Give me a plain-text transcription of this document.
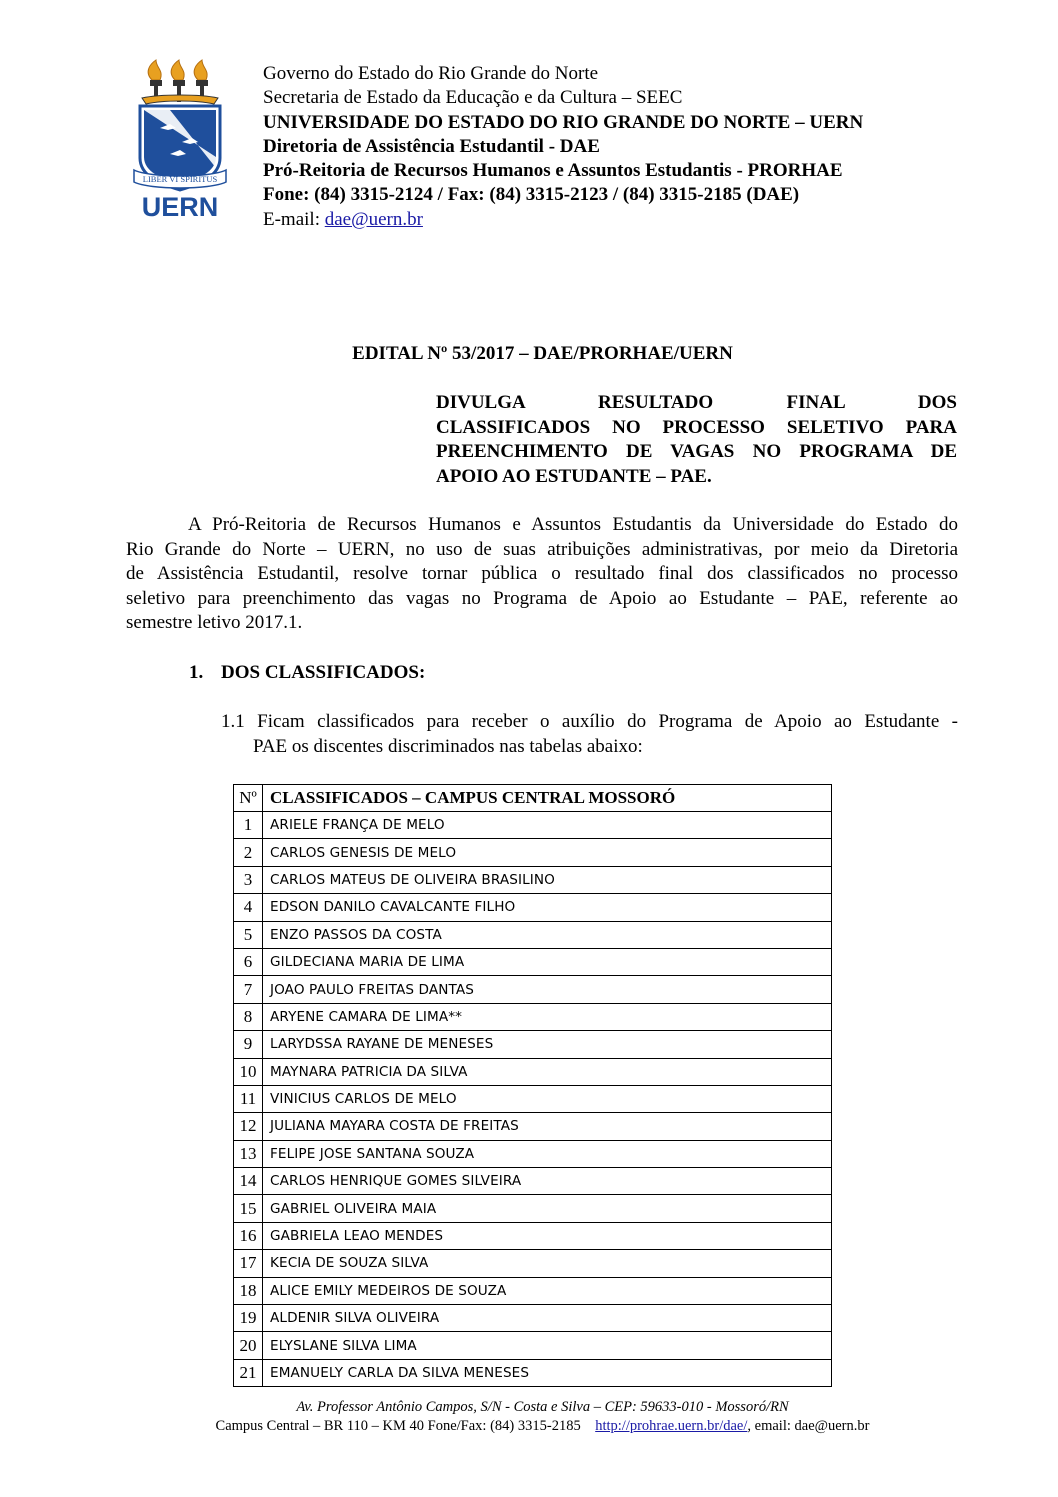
LIBER VI SPIRITUS
UERN
Governo do Estado do Rio Grande do Norte
Secretaria de Estado da Educação e da Cultura – SEEC
UNIVERSIDADE DO ESTADO DO RIO GRANDE DO NORTE – UERN
Diretoria de Assistência Estudantil - DAE
Pró-Reitoria de Recursos Humanos e Assuntos Estudantis - PRORHAE
Fone: (84) 3315-2124 / Fax: (84) 3315-2123 / (84) 3315-2185 (DAE)
E-mail: dae@uern.br
EDITAL Nº 53/2017 – DAE/PRORHAE/UERN
DIVULGA RESULTADO FINAL DOS
CLASSIFICADOS NO PROCESSO SELETIVO PARA
PREENCHIMENTO DE VAGAS NO PROGRAMA DE
APOIO AO ESTUDANTE – PAE.
A Pró-Reitoria de Recursos Humanos e Assuntos Estudantis da Universidade do Estado do
Rio Grande do Norte – UERN, no uso de suas atribuições administrativas, por meio da Diretoria
de Assistência Estudantil, resolve tornar pública o resultado final dos classificados no processo
seletivo para preenchimento das vagas no Programa de Apoio ao Estudante – PAE, referente ao
semestre letivo 2017.1.
1. DOS CLASSIFICADOS:
1.1 Ficam classificados para receber o auxílio do Programa de Apoio ao Estudante -
PAE os discentes discriminados nas tabelas abaixo:
Nº	CLASSIFICADOS – CAMPUS CENTRAL MOSSORÓ
1	ARIELE FRANÇA DE MELO
2	CARLOS GENESIS DE MELO
3	CARLOS MATEUS DE OLIVEIRA BRASILINO
4	EDSON DANILO CAVALCANTE FILHO
5	ENZO PASSOS DA COSTA
6	GILDECIANA MARIA DE LIMA
7	JOAO PAULO FREITAS DANTAS
8	ARYENE CAMARA DE LIMA**
9	LARYDSSA RAYANE DE MENESES
10	MAYNARA PATRICIA DA SILVA
11	VINICIUS CARLOS DE MELO
12	JULIANA MAYARA COSTA DE FREITAS
13	FELIPE JOSE SANTANA SOUZA
14	CARLOS HENRIQUE GOMES SILVEIRA
15	GABRIEL OLIVEIRA MAIA
16	GABRIELA LEAO MENDES
17	KECIA DE SOUZA SILVA
18	ALICE EMILY MEDEIROS DE SOUZA
19	ALDENIR SILVA OLIVEIRA
20	ELYSLANE SILVA LIMA
21	EMANUELY CARLA DA SILVA MENESES
Av. Professor Antônio Campos, S/N - Costa e Silva – CEP: 59633-010 - Mossoró/RN
Campus Central – BR 110 – KM 40 Fone/Fax: (84) 3315-2185 http://prohrae.uern.br/dae/, email: dae@uern.br
